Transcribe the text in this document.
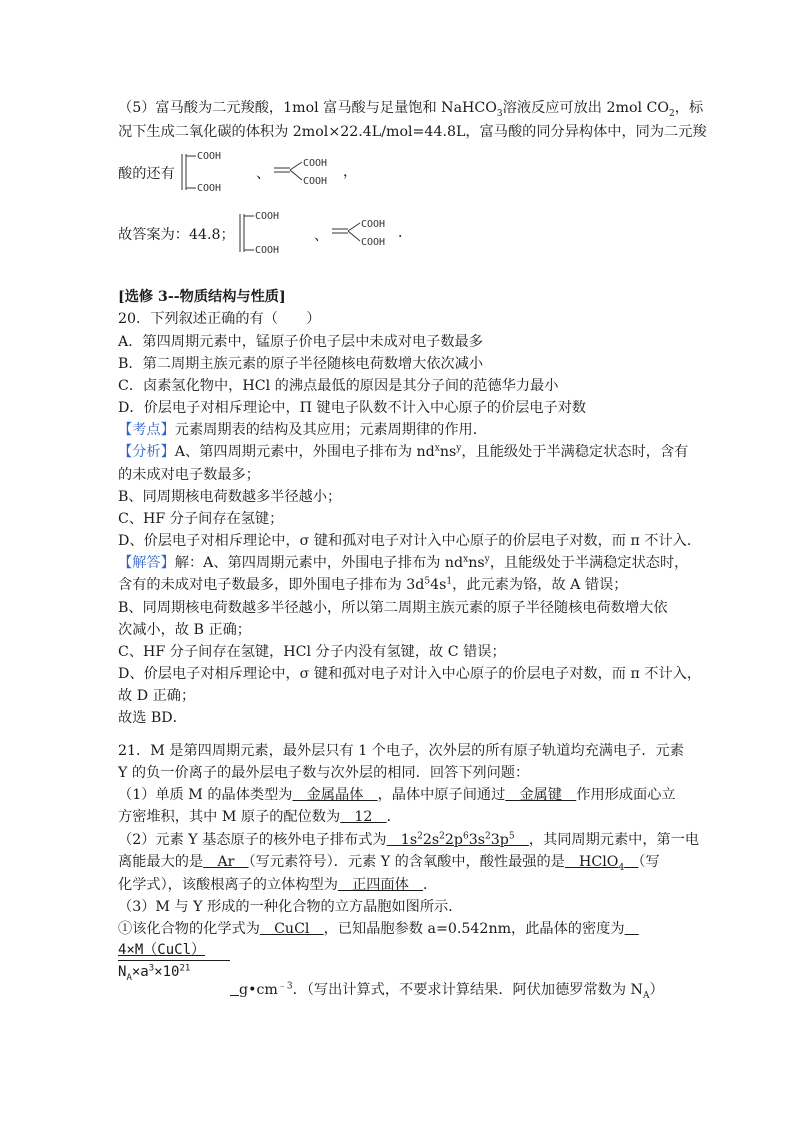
（5）富马酸为二元羧酸，1mol 富马酸与足量饱和 NaHCO$_3$溶液反应可放出 2mol $CO_2$，标
况下生成二氧化碳的体积为 2mol×22.4L/mol=44.8L，富马酸的同分异构体中，同为二元羧
酸的还有
COOH
COOH
、
COOH
COOH
，
故答案为：44.8；
COOH
COOH
、
COOH
COOH
．
[选修 3--物质结构与性质]
20．下列叙述正确的有（　　）
A．第四周期元素中，锰原子价电子层中未成对电子数最多
B．第二周期主族元素的原子半径随核电荷数增大依次减小
C．卤素氢化物中，HCl 的沸点最低的原因是其分子间的范德华力最小
D．价层电子对相斥理论中，Π 键电子队数不计入中心原子的价层电子对数
【考点】元素周期表的结构及其应用；元素周期律的作用．
【分析】A、第四周期元素中，外围电子排布为 $nd^xns^y$，且能级处于半满稳定状态时，含有
的未成对电子数最多；
B、同周期核电荷数越多半径越小；
C、HF 分子间存在氢键；
D、价层电子对相斥理论中，σ 键和孤对电子对计入中心原子的价层电子对数，而 π 不计入．
【解答】解：A、第四周期元素中，外围电子排布为 $nd^xns^y$，且能级处于半满稳定状态时，
含有的未成对电子数最多，即外围电子排布为 $3d^54s^1$，此元素为铬，故 A 错误；
B、同周期核电荷数越多半径越小，所以第二周期主族元素的原子半径随核电荷数增大依
次减小，故 B 正确；
C、HF 分子间存在氢键，HCl 分子内没有氢键，故 C 错误；
D、价层电子对相斥理论中，σ 键和孤对电子对计入中心原子的价层电子对数，而 π 不计入，
故 D 正确；
故选 BD．
21．M 是第四周期元素，最外层只有 1 个电子，次外层的所有原子轨道均充满电子．元素
Y 的负一价离子的最外层电子数与次外层的相同．回答下列问题：
（1）单质 M 的晶体类型为　金属晶体　，晶体中原子间通过　金属键　作用形成面心立
方密堆积，其中 M 原子的配位数为　12　．
（2）元素 Y 基态原子的核外电子排布式为　$1s^22s^22p^63s^23p^5$　 ，其同周期元素中，第一电
离能最大的是　Ar　（写元素符号）．元素 Y 的含氧酸中，酸性最强的是　HClO$_4$　 （写
化学式），该酸根离子的立体构型为　正四面体　．
（3）M 与 Y 形成的一种化合物的立方晶胞如图所示．
①该化合物的化学式为　CuCl　，已知晶胞参数 a=0.542nm，此晶体的密度为　
4×M（CuCl）
$N_A\times a^3\times 10^{21}$
$g•cm^{﹣3}$．（写出计算式，不要求计算结果．阿伏加德罗常数为 $N_A$）
